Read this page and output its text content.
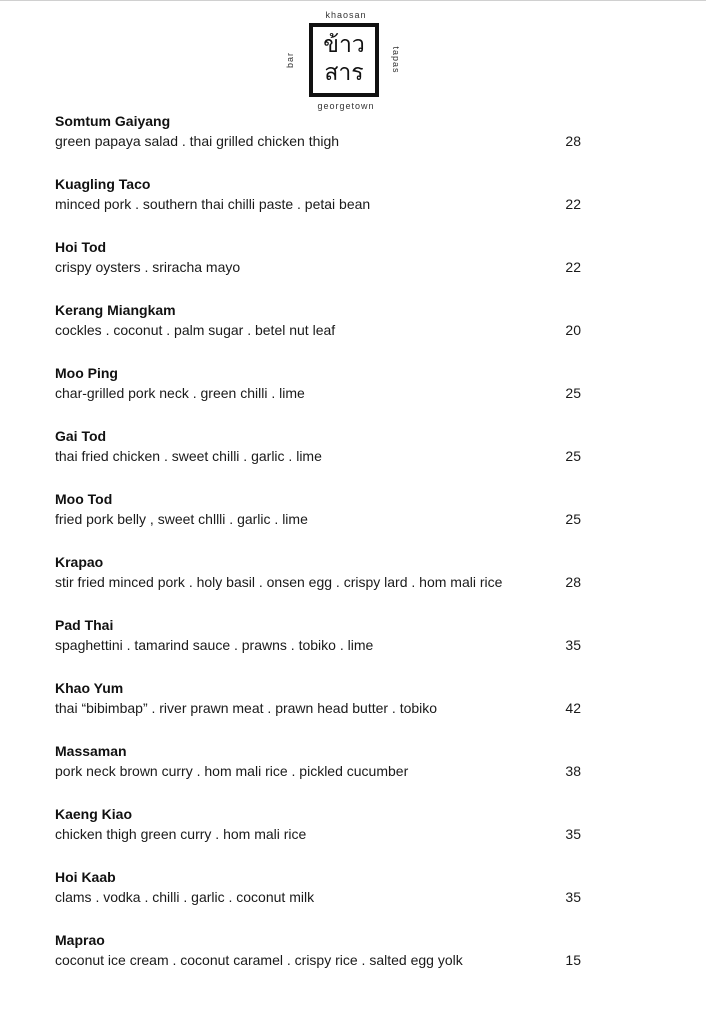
khaosan
ข้าว
สาร
bar	tapas
georgetown
Somtum Gaiyang
green papaya salad . thai grilled chicken thigh	28
Kuagling Taco
minced pork . southern thai chilli paste . petai bean	22
Hoi Tod
crispy oysters . sriracha mayo	22
Kerang Miangkam
cockles . coconut . palm sugar . betel nut leaf	20
Moo Ping
char-grilled pork neck . green chilli . lime	25
Gai Tod
thai fried chicken . sweet chilli . garlic . lime	25
Moo Tod
fried pork belly , sweet chllli . garlic . lime	25
Krapao
stir fried minced pork . holy basil . onsen egg . crispy lard . hom mali rice	28
Pad Thai
spaghettini . tamarind sauce . prawns . tobiko . lime	35
Khao Yum
thai “bibimbap” . river prawn meat . prawn head butter . tobiko	42
Massaman
pork neck brown curry . hom mali rice . pickled cucumber	38
Kaeng Kiao
chicken thigh green curry . hom mali rice	35
Hoi Kaab
clams . vodka . chilli . garlic . coconut milk	35
Maprao
coconut ice cream . coconut caramel . crispy rice . salted egg yolk	15
